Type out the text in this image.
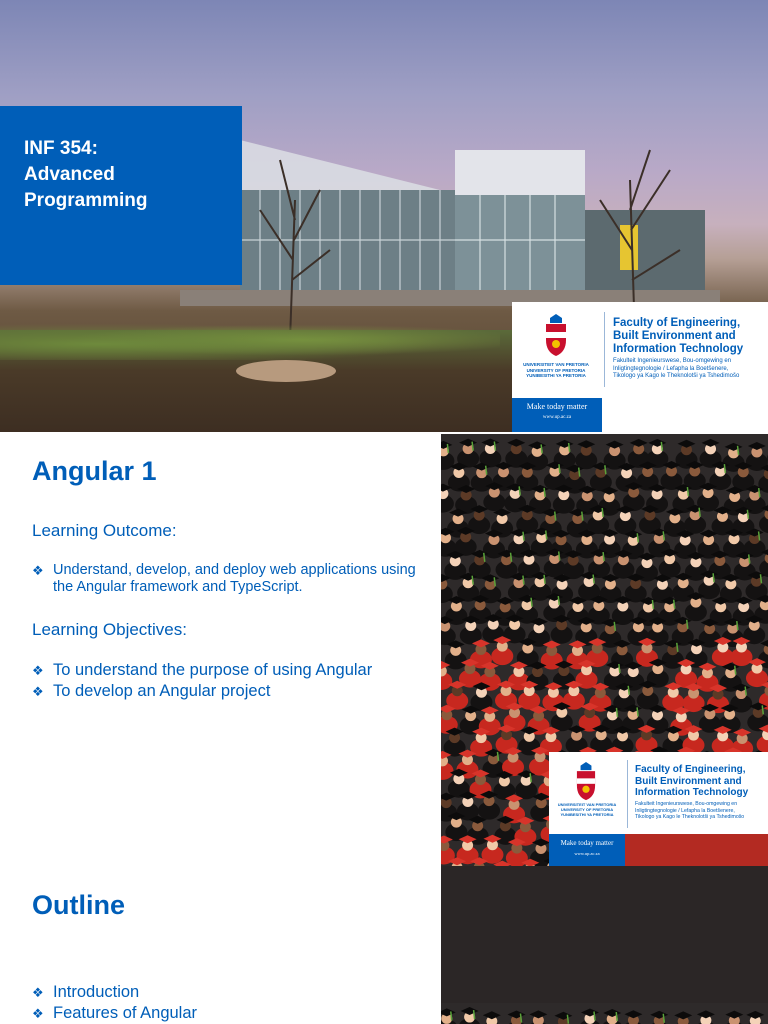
INF 354:
Advanced
Programming
UNIVERSITEIT VAN PRETORIA
UNIVERSITY OF PRETORIA
YUNIBESITHI YA PRETORIA
Faculty of Engineering,
Built Environment and
Information Technology
Fakulteit Ingenieurswese, Bou-omgewing en
Inligtingtegnologie / Lefapha la Boetšenere,
Tikologo ya Kago le Theknolotši ya Tshedimošo
Make today matter
www.up.ac.za
Angular 1
Learning Outcome:
❖ Understand, develop, and deploy web applications using the Angular framework and TypeScript.
Learning Objectives:
❖ To understand the purpose of using Angular
❖ To develop an Angular project
UNIVERSITEIT VAN PRETORIA
UNIVERSITY OF PRETORIA
YUNIBESITHI YA PRETORIA
Faculty of Engineering,
Built Environment and
Information Technology
Fakulteit Ingenieurswese, Bou-omgewing en
Inligtingtegnologie / Lefapha la Boetšenere,
Tikologo ya Kago le Theknolotši ya Tshedimošo
Make today matter
www.up.ac.za
Outline
❖ Introduction
❖ Features of Angular
